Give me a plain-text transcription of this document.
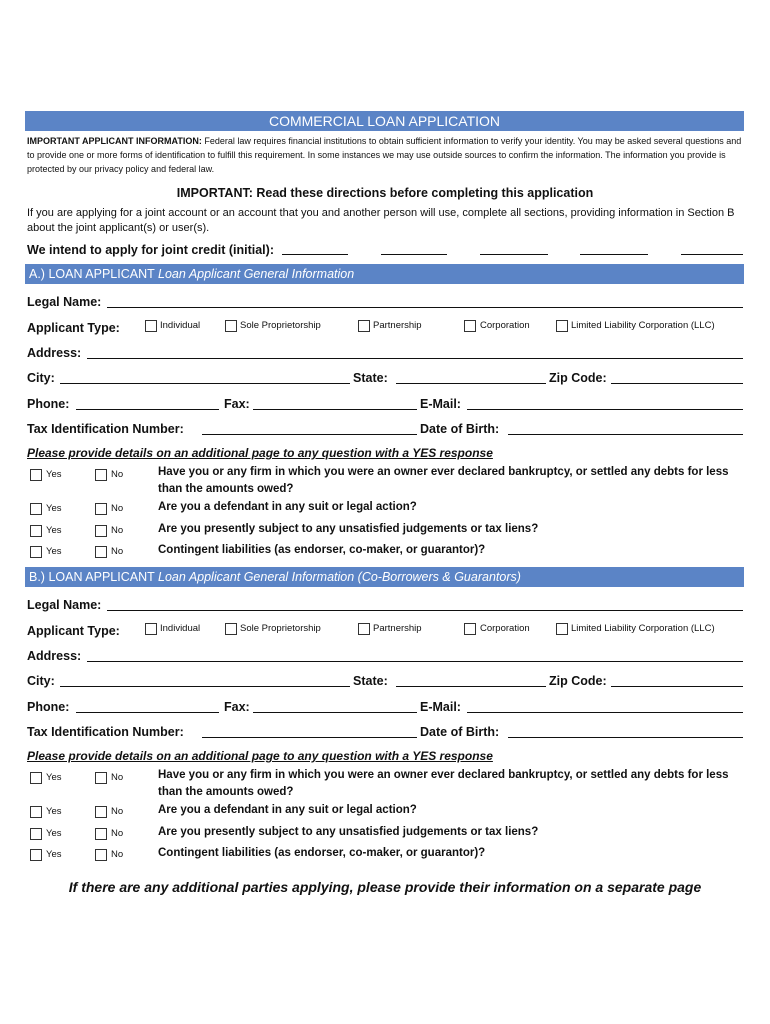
COMMERCIAL LOAN APPLICATION
IMPORTANT APPLICANT INFORMATION: Federal law requires financial institutions to obtain sufficient information to verify your identity. You may be asked several questions and to provide one or more forms of identification to fulfill this requirement. In some instances we may use outside sources to confirm the information. The information you provide is protected by our privacy policy and federal law.
IMPORTANT: Read these directions before completing this application
If you are applying for a joint account or an account that you and another person will use, complete all sections, providing information in Section B about the joint applicant(s) or user(s).
We intend to apply for joint credit (initial):
A.) LOAN APPLICANT Loan Applicant General Information
Legal Name:
Applicant Type:	Individual	Sole Proprietorship	Partnership	Corporation	Limited Liability Corporation (LLC)
Address:
City:	State:	Zip Code:
Phone:	Fax:	E-Mail:
Tax Identification Number:	Date of Birth:
Please provide details on an additional page to any question with a YES response
Yes	No	Have you or any firm in which you were an owner ever declared bankruptcy, or settled any debts for less than the amounts owed?
Yes	No	Are you a defendant in any suit or legal action?
Yes	No	Are you presently subject to any unsatisfied judgements or tax liens?
Yes	No	Contingent liabilities (as endorser, co-maker, or guarantor)?
B.) LOAN APPLICANT Loan Applicant General Information (Co-Borrowers & Guarantors)
Legal Name:
Applicant Type:	Individual	Sole Proprietorship	Partnership	Corporation	Limited Liability Corporation (LLC)
Address:
City:	State:	Zip Code:
Phone:	Fax:	E-Mail:
Tax Identification Number:	Date of Birth:
Please provide details on an additional page to any question with a YES response
Yes	No	Have you or any firm in which you were an owner ever declared bankruptcy, or settled any debts for less than the amounts owed?
Yes	No	Are you a defendant in any suit or legal action?
Yes	No	Are you presently subject to any unsatisfied judgements or tax liens?
Yes	No	Contingent liabilities (as endorser, co-maker, or guarantor)?
If there are any additional parties applying, please provide their information on a separate page
